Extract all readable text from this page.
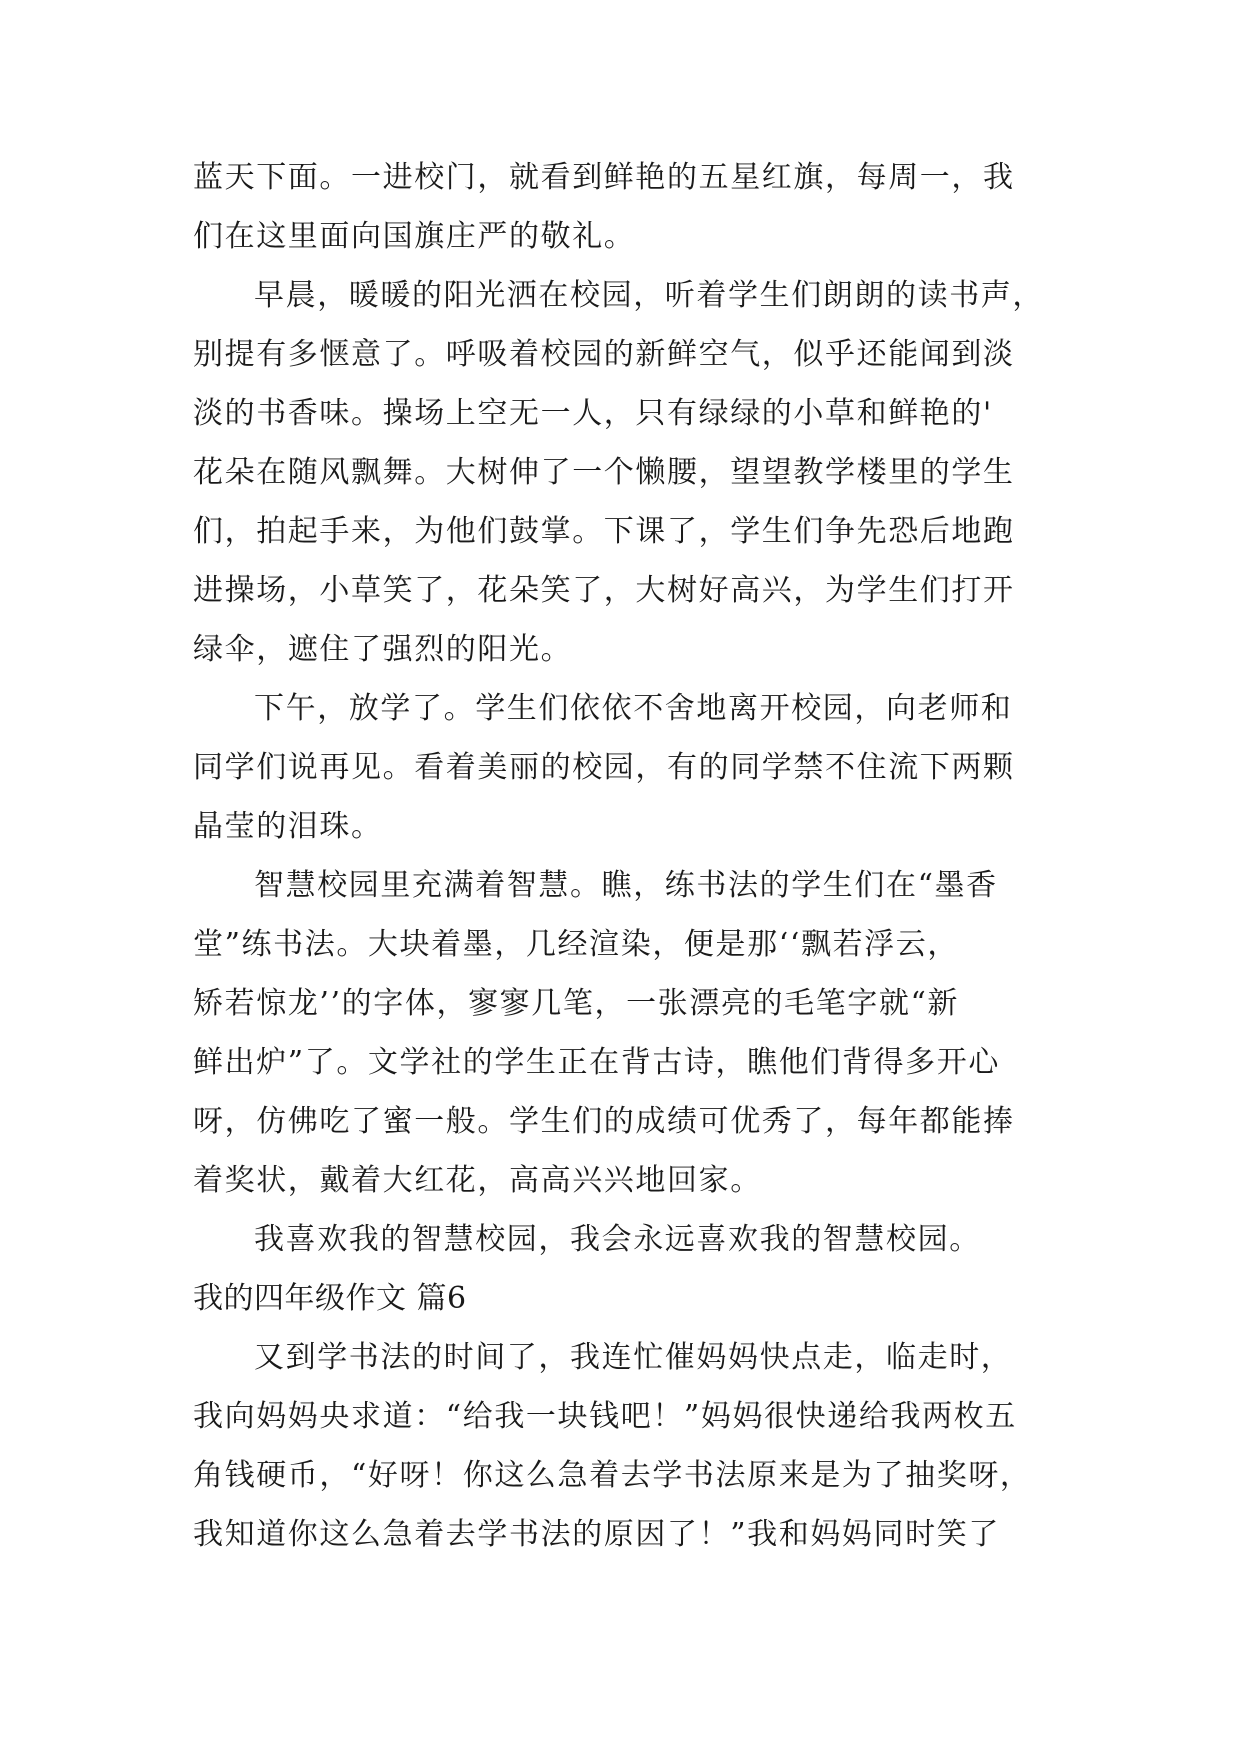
蓝天下面。一进校门，就看到鲜艳的五星红旗，每周一，我
们在这里面向国旗庄严的敬礼。
早晨，暖暖的阳光洒在校园，听着学生们朗朗的读书声，
别提有多惬意了。呼吸着校园的新鲜空气，似乎还能闻到淡
淡的书香味。操场上空无一人，只有绿绿的小草和鲜艳的'
花朵在随风飘舞。大树伸了一个懒腰，望望教学楼里的学生
们，拍起手来，为他们鼓掌。下课了，学生们争先恐后地跑
进操场，小草笑了，花朵笑了，大树好高兴，为学生们打开
绿伞，遮住了强烈的阳光。
下午，放学了。学生们依依不舍地离开校园，向老师和
同学们说再见。看着美丽的校园，有的同学禁不住流下两颗
晶莹的泪珠。
智慧校园里充满着智慧。瞧，练书法的学生们在“墨香
堂”练书法。大块着墨，几经渲染，便是那‘‘飘若浮云，
矫若惊龙’’的字体，寥寥几笔，一张漂亮的毛笔字就“新
鲜出炉”了。文学社的学生正在背古诗，瞧他们背得多开心
呀，仿佛吃了蜜一般。学生们的成绩可优秀了，每年都能捧
着奖状，戴着大红花，高高兴兴地回家。
我喜欢我的智慧校园，我会永远喜欢我的智慧校园。
我的四年级作文 篇6
又到学书法的时间了，我连忙催妈妈快点走，临走时，
我向妈妈央求道：“给我一块钱吧！”妈妈很快递给我两枚五
角钱硬币，“好呀！你这么急着去学书法原来是为了抽奖呀，
我知道你这么急着去学书法的原因了！”我和妈妈同时笑了
